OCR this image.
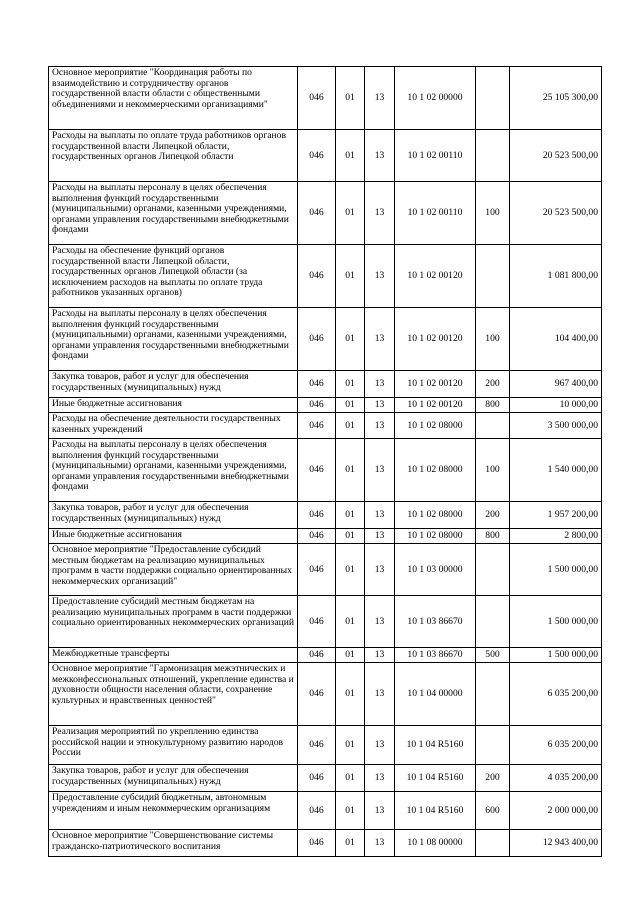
Основное мероприятие "Координация работы по взаимодействию и сотрудничеству органов государственной власти области с общественными объединениями и некоммерческими организациями"	046	01	13	10 1 02 00000		25 105 300,00
Расходы на выплаты по оплате труда работников органов государственной власти Липецкой области, государственных органов Липецкой области	046	01	13	10 1 02 00110		20 523 500,00
Расходы на выплаты персоналу в целях обеспечения выполнения функций государственными (муниципальными) органами, казенными учреждениями, органами управления государственными внебюджетными фондами	046	01	13	10 1 02 00110	100	20 523 500,00
Расходы на обеспечение функций органов государственной власти Липецкой области, государственных органов Липецкой области (за исключением расходов на выплаты по оплате труда работников указанных органов)	046	01	13	10 1 02 00120		1 081 800,00
Расходы на выплаты персоналу в целях обеспечения выполнения функций государственными (муниципальными) органами, казенными учреждениями, органами управления государственными внебюджетными фондами	046	01	13	10 1 02 00120	100	104 400,00
Закупка товаров, работ и услуг для обеспечения государственных (муниципальных) нужд	046	01	13	10 1 02 00120	200	967 400,00
Иные бюджетные ассигнования	046	01	13	10 1 02 00120	800	10 000,00
Расходы на обеспечение деятельности государственных казенных учреждений	046	01	13	10 1 02 08000		3 500 000,00
Расходы на выплаты персоналу в целях обеспечения выполнения функций государственными (муниципальными) органами, казенными учреждениями, органами управления государственными внебюджетными фондами	046	01	13	10 1 02 08000	100	1 540 000,00
Закупка товаров, работ и услуг для обеспечения государственных (муниципальных) нужд	046	01	13	10 1 02 08000	200	1 957 200,00
Иные бюджетные ассигнования	046	01	13	10 1 02 08000	800	2 800,00
Основное мероприятие "Предоставление субсидий местным бюджетам на реализацию муниципальных программ в части поддержки социально ориентированных некоммерческих организаций"	046	01	13	10 1 03 00000		1 500 000,00
Предоставление субсидий местным бюджетам на реализацию муниципальных программ в части поддержки социально ориентированных некоммерческих организаций	046	01	13	10 1 03 86670		1 500 000,00
Межбюджетные трансферты	046	01	13	10 1 03 86670	500	1 500 000,00
Основное мероприятие "Гармонизация межэтнических и межконфессиональных отношений, укрепление единства и духовности общности населения области, сохранение культурных и нравственных ценностей"	046	01	13	10 1 04 00000		6 035 200,00
Реализация мероприятий по укреплению единства российской нации и этнокультурному развитию народов России	046	01	13	10 1 04 R5160		6 035 200,00
Закупка товаров, работ и услуг для обеспечения государственных (муниципальных) нужд	046	01	13	10 1 04 R5160	200	4 035 200,00
Предоставление субсидий бюджетным, автономным учреждениям и иным некоммерческим организациям	046	01	13	10 1 04 R5160	600	2 000 000,00
Основное мероприятие "Совершенствование системы гражданско-патриотического воспитания	046	01	13	10 1 08 00000		12 943 400,00
